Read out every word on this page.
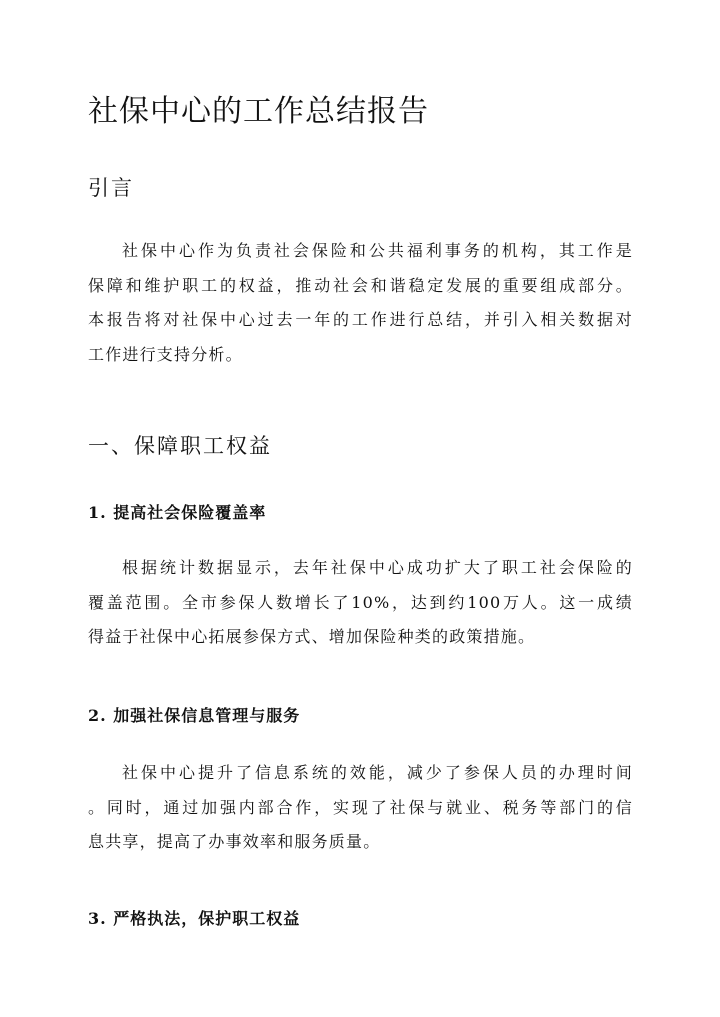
社保中心的工作总结报告
引言
社保中心作为负责社会保险和公共福利事务的机构，其工作是
保障和维护职工的权益，推动社会和谐稳定发展的重要组成部分。
本报告将对社保中心过去一年的工作进行总结，并引入相关数据对
工作进行支持分析。
一、保障职工权益
1. 提高社会保险覆盖率
根据统计数据显示，去年社保中心成功扩大了职工社会保险的
覆盖范围。全市参保人数增长了10%，达到约100万人。这一成绩
得益于社保中心拓展参保方式、增加保险种类的政策措施。
2. 加强社保信息管理与服务
社保中心提升了信息系统的效能，减少了参保人员的办理时间
。同时，通过加强内部合作，实现了社保与就业、税务等部门的信
息共享，提高了办事效率和服务质量。
3. 严格执法，保护职工权益
